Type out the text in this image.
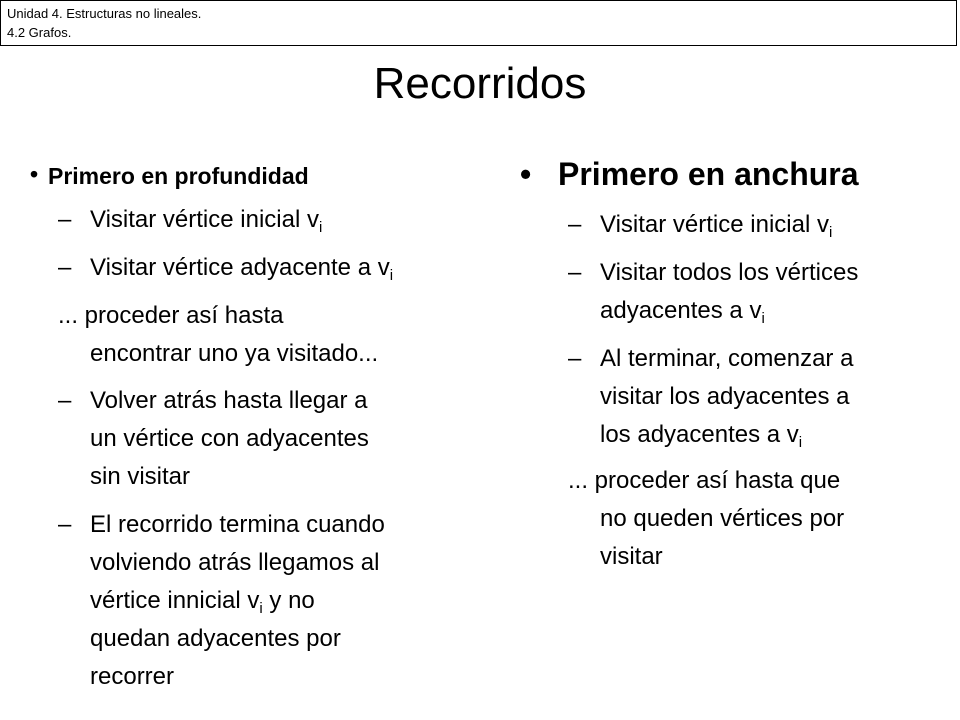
Unidad 4. Estructuras no lineales.
4.2 Grafos.
Recorridos
• Primero en profundidad
– Visitar vértice inicial $v_i$
– Visitar vértice adyacente a $v_i$
... proceder así hasta
encontrar uno ya visitado...
– Volver atrás hasta llegar a
un vértice con adyacentes
sin visitar
– El recorrido termina cuando
volviendo atrás llegamos al
vértice innicial $v_i$ y no
quedan adyacentes por
recorrer
• Primero en anchura
– Visitar vértice inicial $v_i$
– Visitar todos los vértices
adyacentes a $v_i$
– Al terminar, comenzar a
visitar los adyacentes a
los adyacentes a $v_i$
... proceder así hasta que
no queden vértices por
visitar
